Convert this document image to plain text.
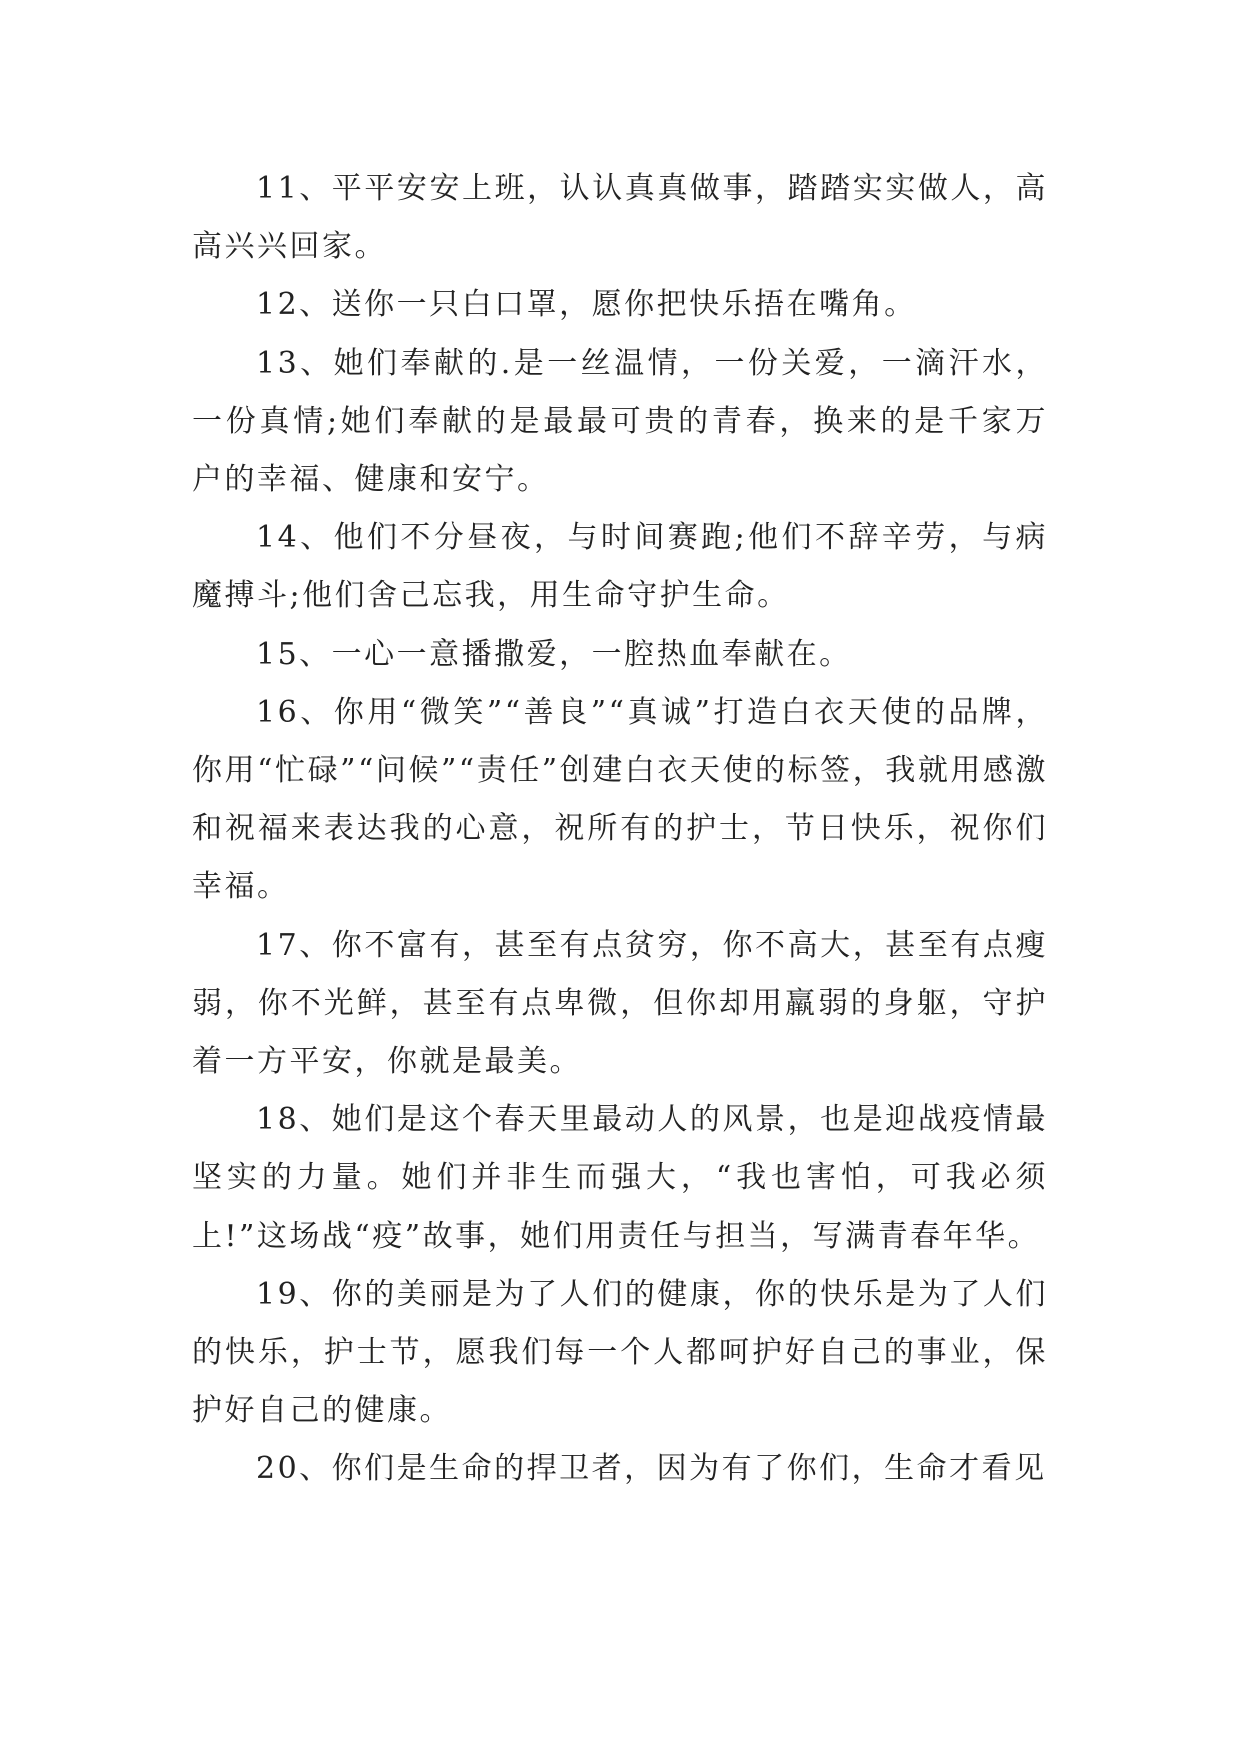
11、平平安安上班，认认真真做事，踏踏实实做人，高高兴兴回家。

12、送你一只白口罩，愿你把快乐捂在嘴角。

13、她们奉献的.是一丝温情，一份关爱，一滴汗水，一份真情;她们奉献的是最最可贵的青春，换来的是千家万户的幸福、健康和安宁。

14、他们不分昼夜，与时间赛跑;他们不辞辛劳，与病魔搏斗;他们舍己忘我，用生命守护生命。

15、一心一意播撒爱，一腔热血奉献在。

16、你用“微笑”“善良”“真诚”打造白衣天使的品牌，你用“忙碌”“问候”“责任”创建白衣天使的标签，我就用感激和祝福来表达我的心意，祝所有的护士，节日快乐，祝你们幸福。

17、你不富有，甚至有点贫穷，你不高大，甚至有点瘦弱，你不光鲜，甚至有点卑微，但你却用羸弱的身躯，守护着一方平安，你就是最美。

18、她们是这个春天里最动人的风景，也是迎战疫情最坚实的力量。她们并非生而强大，“我也害怕，可我必须上!”这场战“疫”故事，她们用责任与担当，写满青春年华。

19、你的美丽是为了人们的健康，你的快乐是为了人们的快乐，护士节，愿我们每一个人都呵护好自己的事业，保护好自己的健康。

20、你们是生命的捍卫者，因为有了你们，生命才看见
